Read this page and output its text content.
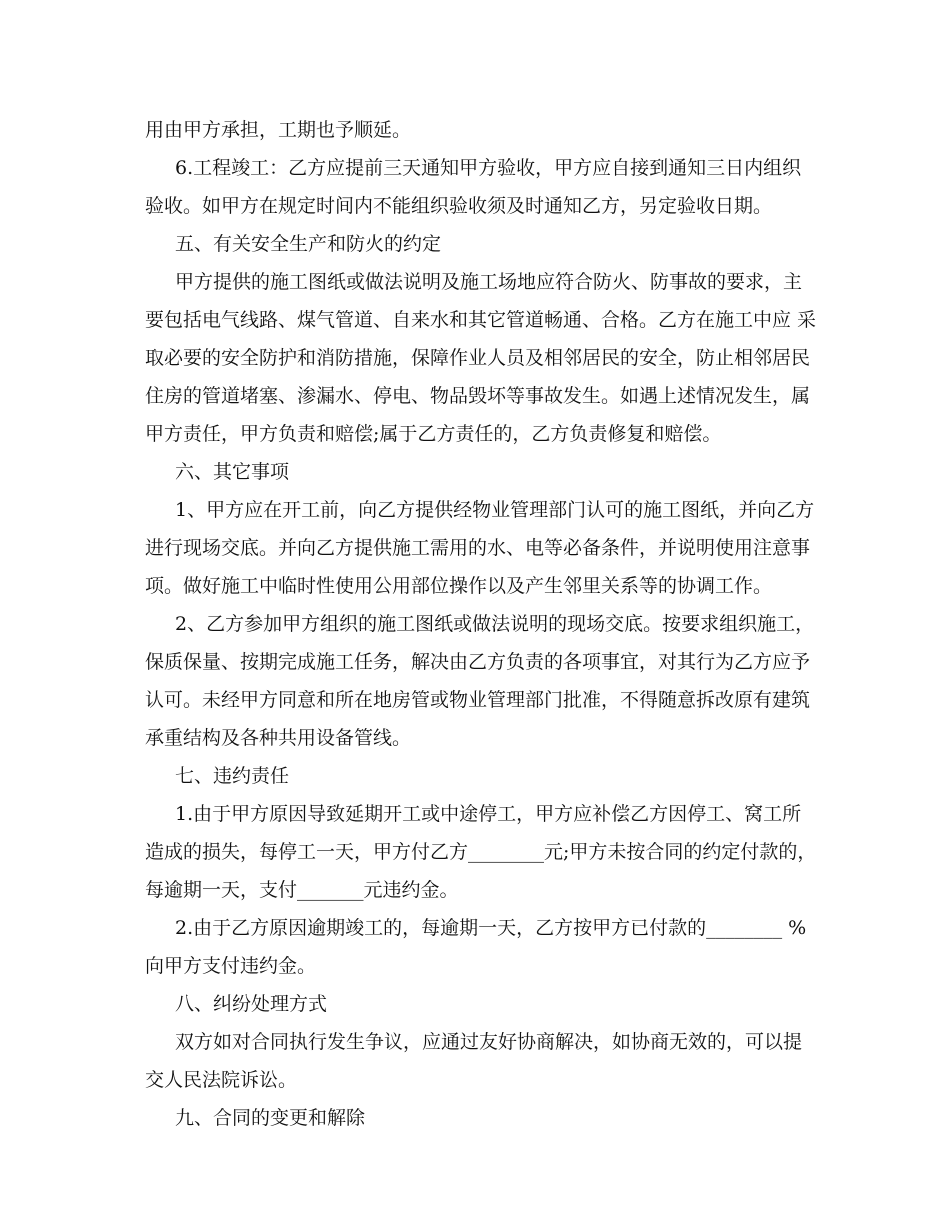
用由甲方承担，工期也予顺延。
6.工程竣工：乙方应提前三天通知甲方验收，甲方应自接到通知三日内组织
验收。如甲方在规定时间内不能组织验收须及时通知乙方，另定验收日期。
五、有关安全生产和防火的约定
甲方提供的施工图纸或做法说明及施工场地应符合防火、防事故的要求，主
要包括电气线路、煤气管道、自来水和其它管道畅通、合格。乙方在施工中应 采
取必要的安全防护和消防措施，保障作业人员及相邻居民的安全，防止相邻居民
住房的管道堵塞、渗漏水、停电、物品毁坏等事故发生。如遇上述情况发生，属
甲方责任，甲方负责和赔偿;属于乙方责任的，乙方负责修复和赔偿。
六、其它事项
1、甲方应在开工前，向乙方提供经物业管理部门认可的施工图纸，并向乙方
进行现场交底。并向乙方提供施工需用的水、电等必备条件，并说明使用注意事
项。做好施工中临时性使用公用部位操作以及产生邻里关系等的协调工作。
2、乙方参加甲方组织的施工图纸或做法说明的现场交底。按要求组织施工，
保质保量、按期完成施工任务，解决由乙方负责的各项事宜，对其行为乙方应予
认可。未经甲方同意和所在地房管或物业管理部门批准，不得随意拆改原有建筑
承重结构及各种共用设备管线。
七、违约责任
1.由于甲方原因导致延期开工或中途停工，甲方应补偿乙方因停工、窝工所
造成的损失，每停工一天，甲方付乙方________元;甲方未按合同的约定付款的，
每逾期一天，支付_______元违约金。
2.由于乙方原因逾期竣工的，每逾期一天，乙方按甲方已付款的________ %
向甲方支付违约金。
八、纠纷处理方式
双方如对合同执行发生争议，应通过友好协商解决，如协商无效的，可以提
交人民法院诉讼。
九、合同的变更和解除
